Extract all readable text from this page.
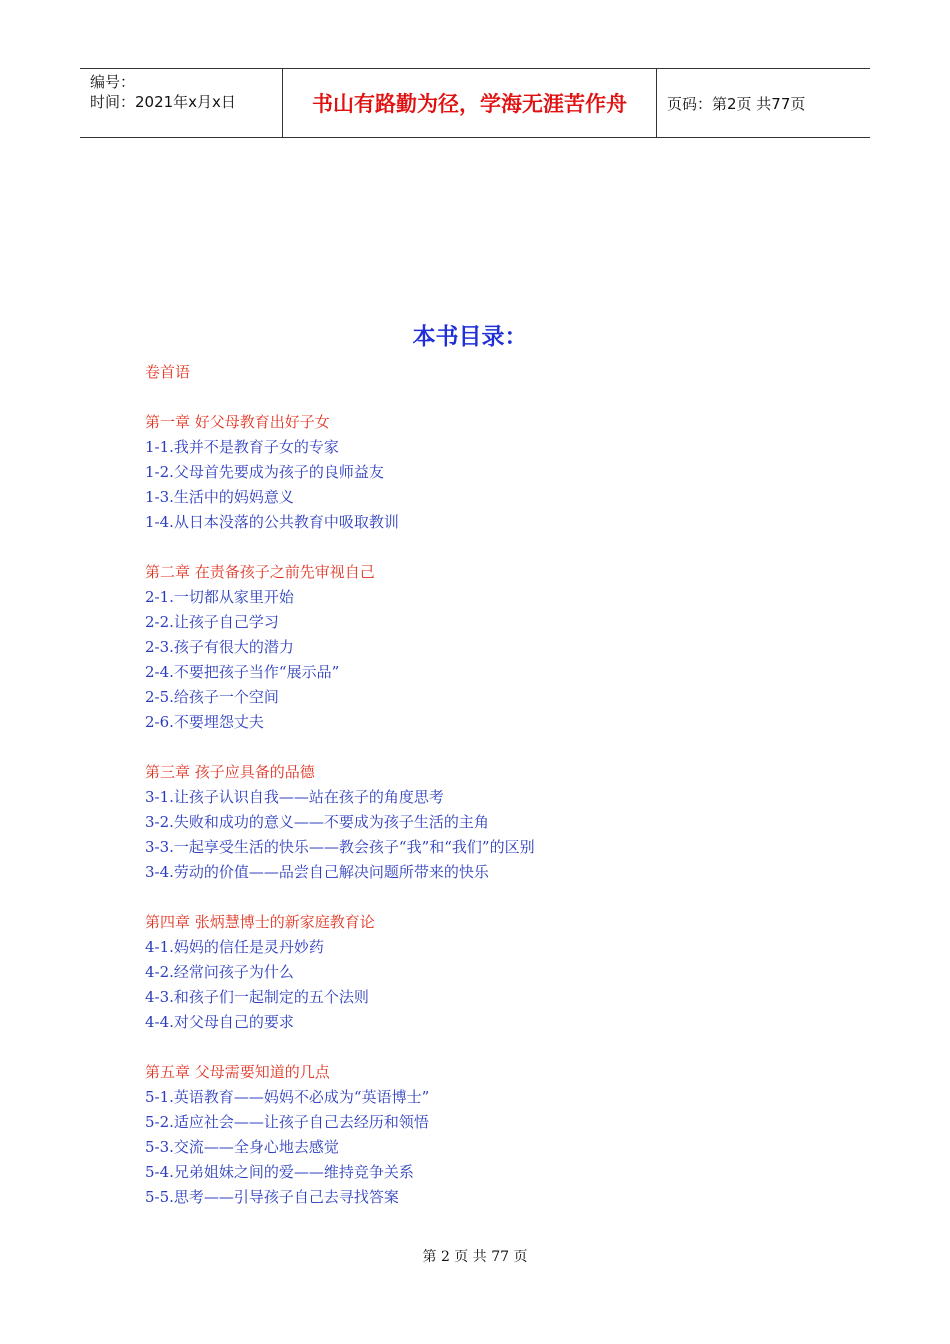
编号：
时间：2021年x月x日	书山有路勤为径，学海无涯苦作舟	页码：第2页 共77页
本书目录：
卷首语
第一章 好父母教育出好子女
1-1.我并不是教育子女的专家
1-2.父母首先要成为孩子的良师益友
1-3.生活中的妈妈意义
1-4.从日本没落的公共教育中吸取教训
第二章 在责备孩子之前先审视自己
2-1.一切都从家里开始
2-2.让孩子自己学习
2-3.孩子有很大的潜力
2-4.不要把孩子当作“展示品”
2-5.给孩子一个空间
2-6.不要埋怨丈夫
第三章 孩子应具备的品德
3-1.让孩子认识自我——站在孩子的角度思考
3-2.失败和成功的意义——不要成为孩子生活的主角
3-3.一起享受生活的快乐——教会孩子“我”和“我们”的区别
3-4.劳动的价值——品尝自己解决问题所带来的快乐
第四章 张炳慧博士的新家庭教育论
4-1.妈妈的信任是灵丹妙药
4-2.经常问孩子为什么
4-3.和孩子们一起制定的五个法则
4-4.对父母自己的要求
第五章 父母需要知道的几点
5-1.英语教育——妈妈不必成为“英语博士”
5-2.适应社会——让孩子自己去经历和领悟
5-3.交流——全身心地去感觉
5-4.兄弟姐妹之间的爱——维持竞争关系
5-5.思考——引导孩子自己去寻找答案
第 2 页 共 77 页
